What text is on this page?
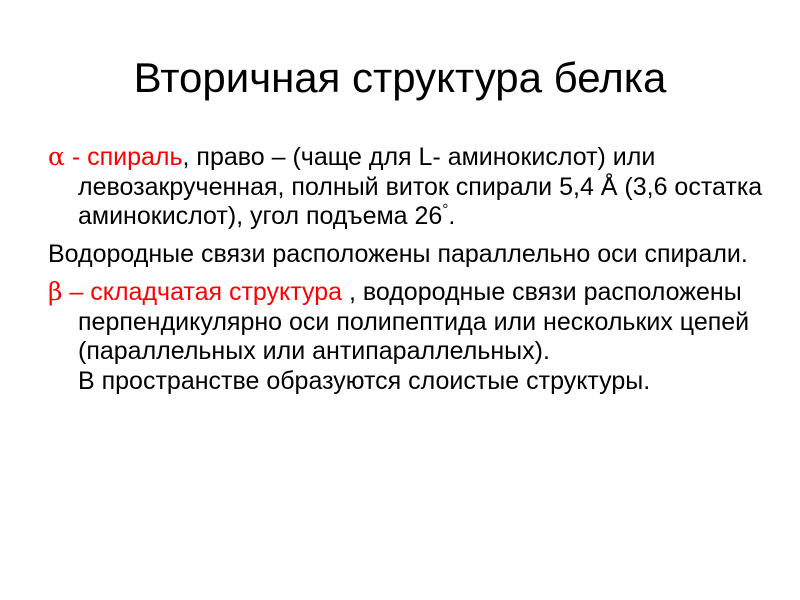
Вторичная структура белка

α - спираль, право – (чаще для L- аминокислот) или левозакрученная, полный виток спирали 5,4 Å (3,6 остатка аминокислот), угол подъема 26°.

Водородные связи расположены параллельно оси спирали.

β – складчатая структура , водородные связи расположены перпендикулярно оси полипептида или нескольких цепей (параллельных или антипараллельных).
В пространстве образуются слоистые структуры.
